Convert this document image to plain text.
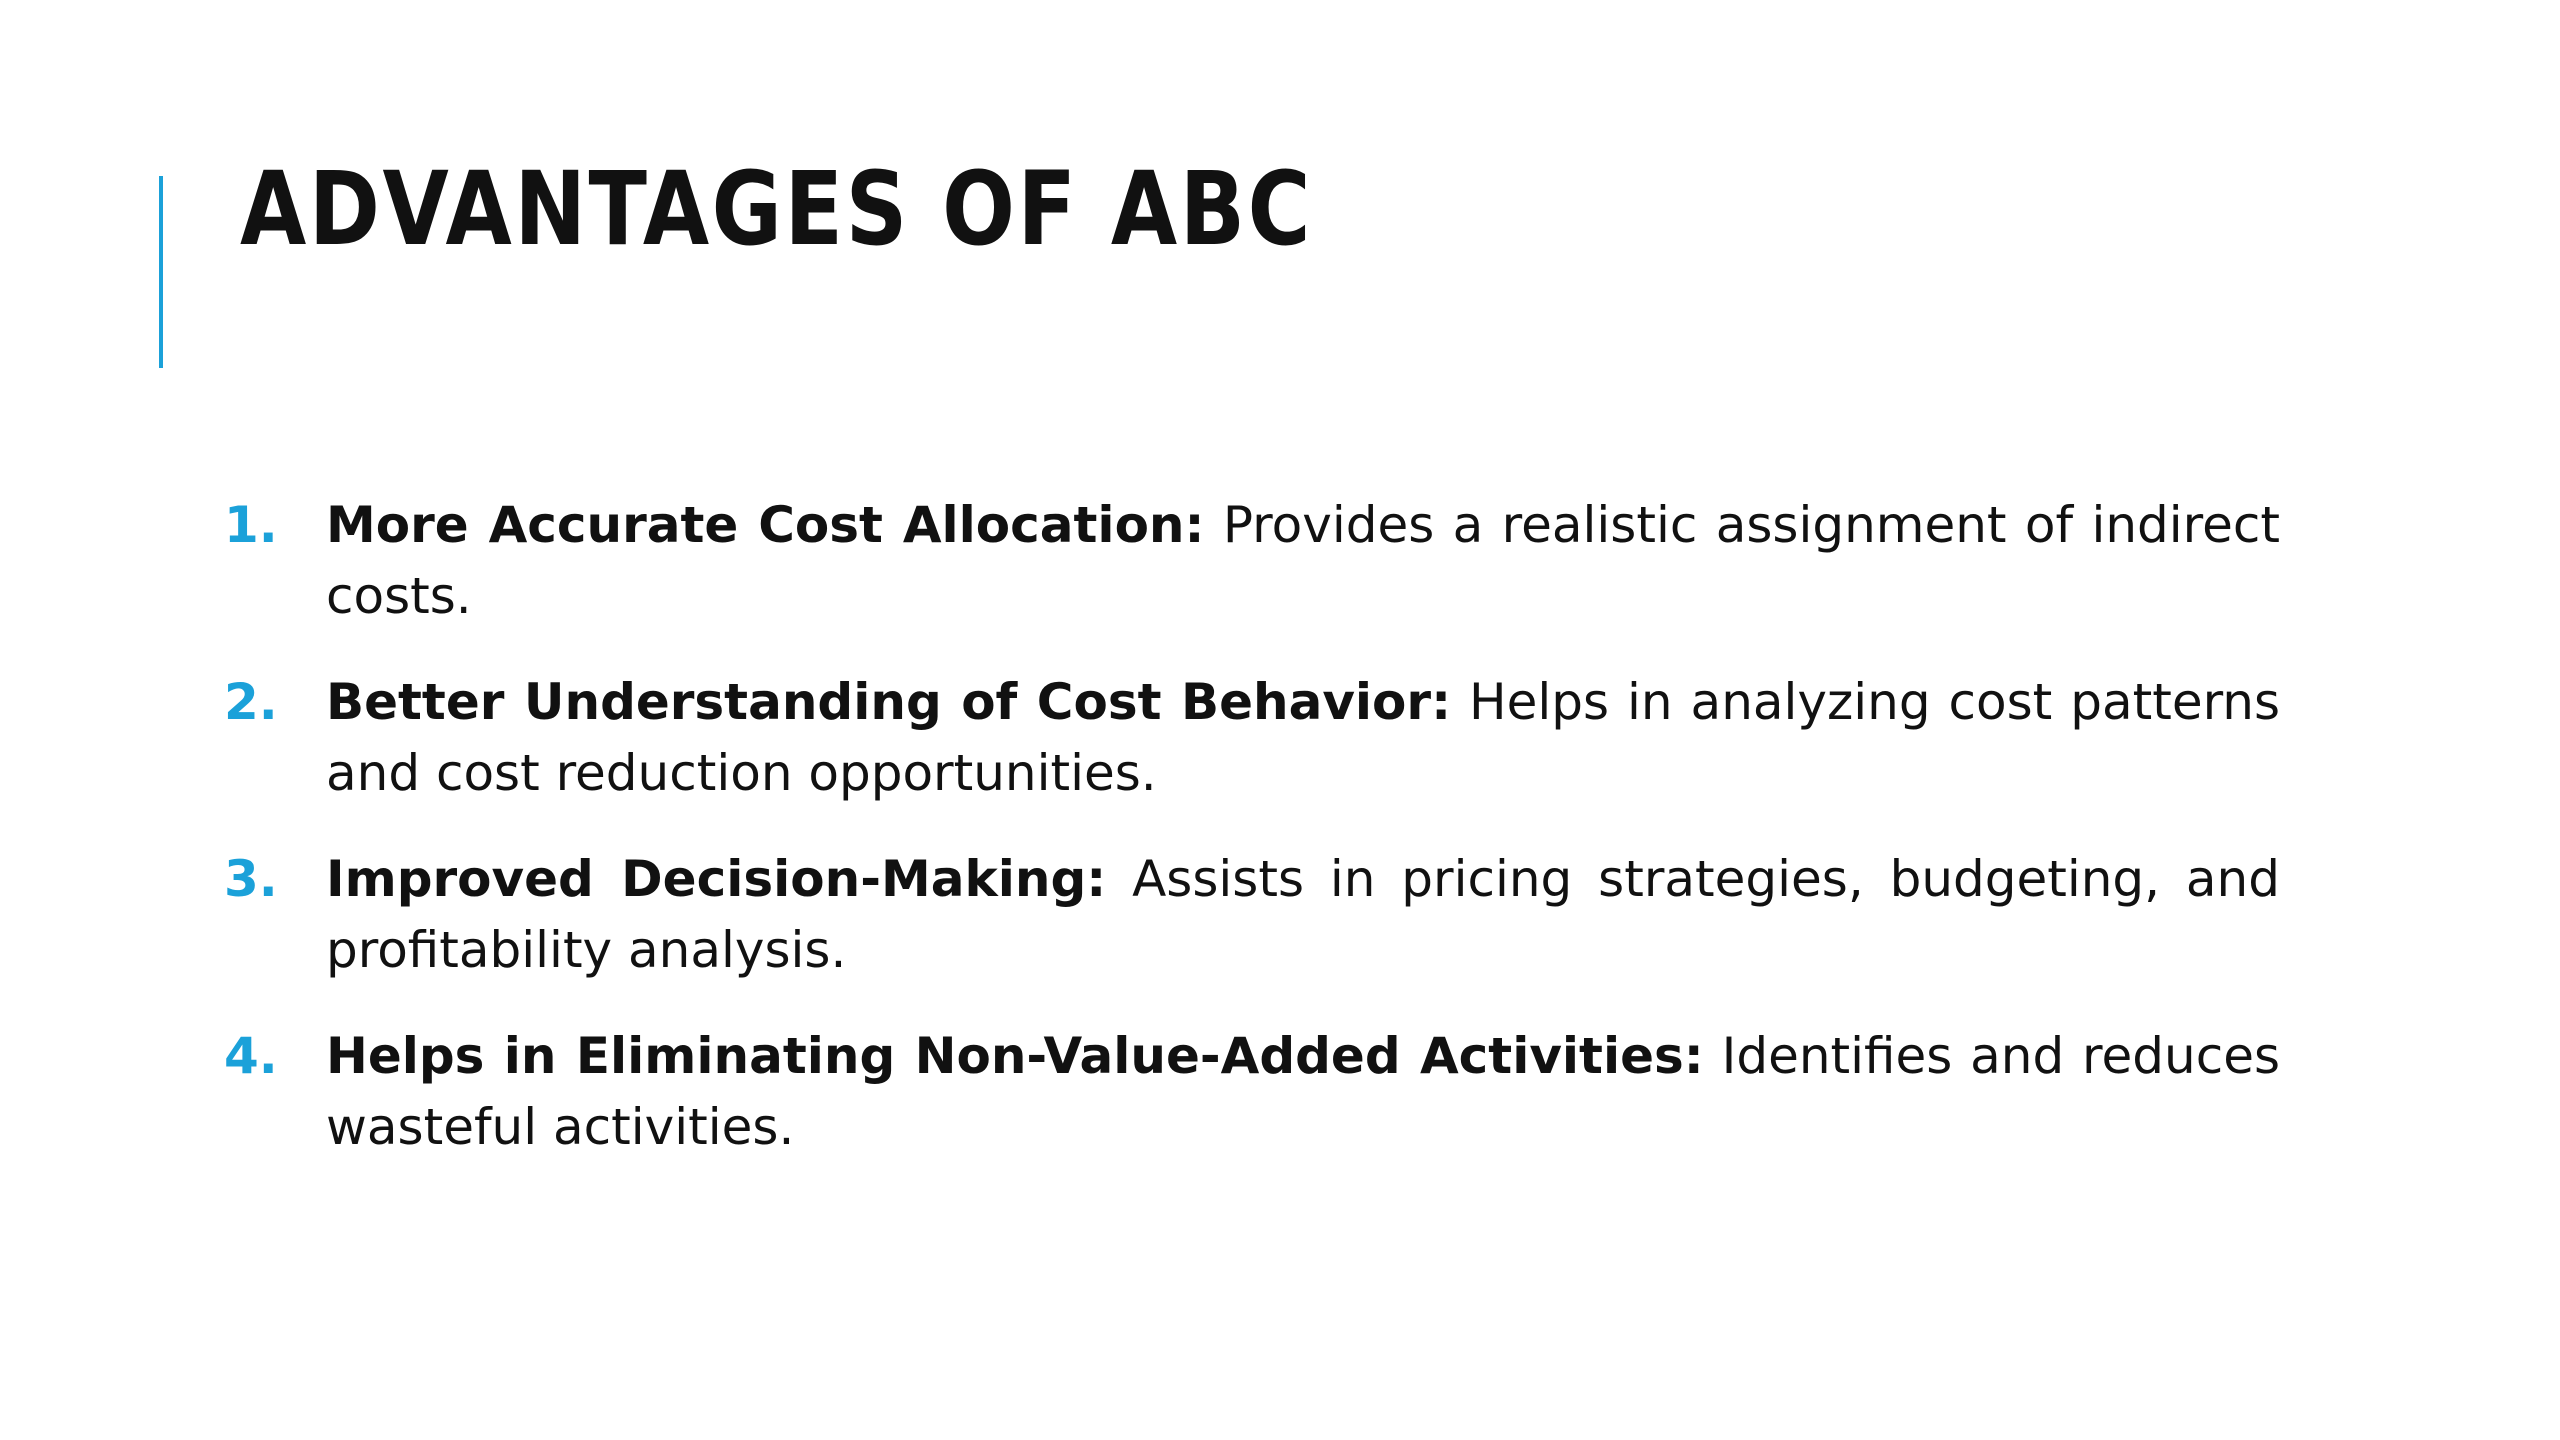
ADVANTAGES OF ABC
1. More Accurate Cost Allocation: Provides a realistic assignment of indirect costs.
2. Better Understanding of Cost Behavior: Helps in analyzing cost patterns and cost reduction opportunities.
3. Improved Decision-Making: Assists in pricing strategies, budgeting, and profitability analysis.
4. Helps in Eliminating Non-Value-Added Activities: Identifies and reduces wasteful activities.
